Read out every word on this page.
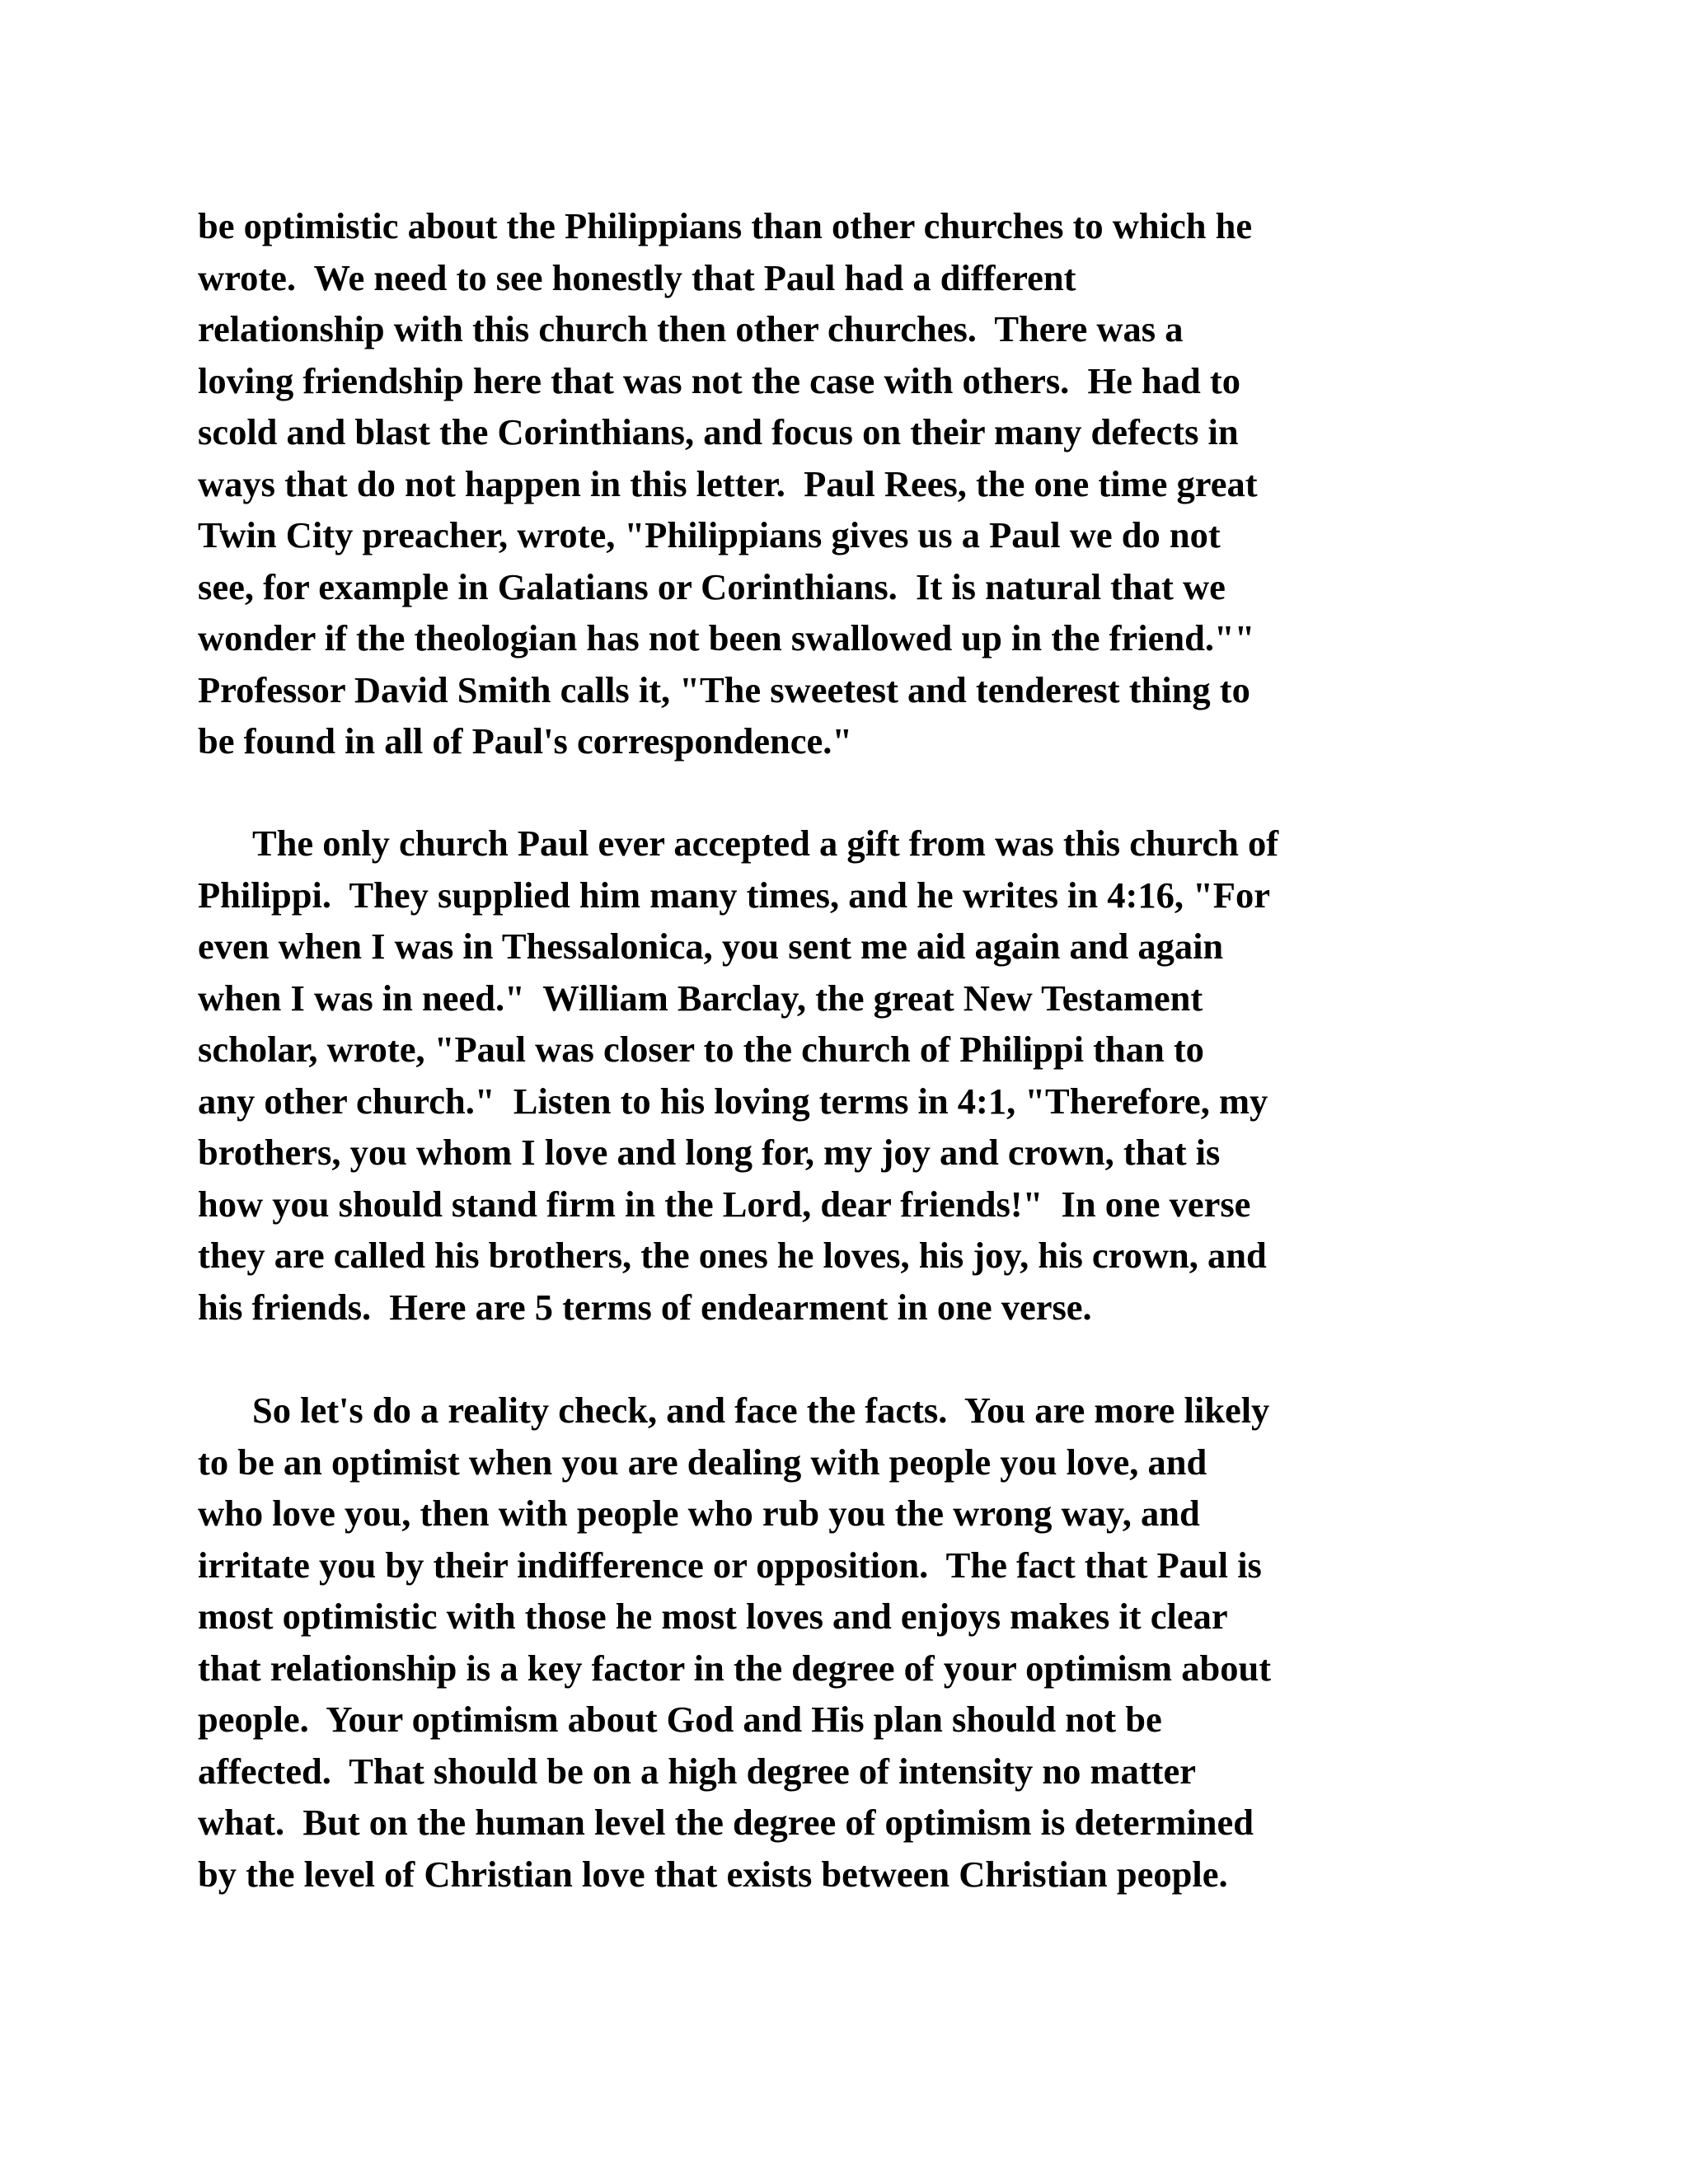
be optimistic about the Philippians than other churches to which he

wrote.  We need to see honestly that Paul had a different

relationship with this church then other churches.  There was a

loving friendship here that was not the case with others.  He had to

scold and blast the Corinthians, and focus on their many defects in

ways that do not happen in this letter.  Paul Rees, the one time great

Twin City preacher, wrote, "Philippians gives us a Paul we do not

see, for example in Galatians or Corinthians.  It is natural that we

wonder if the theologian has not been swallowed up in the friend.""

Professor David Smith calls it, "The sweetest and tenderest thing to

be found in all of Paul's correspondence."

The only church Paul ever accepted a gift from was this church of

Philippi.  They supplied him many times, and he writes in 4:16, "For

even when I was in Thessalonica, you sent me aid again and again

when I was in need."  William Barclay, the great New Testament

scholar, wrote, "Paul was closer to the church of Philippi than to

any other church."  Listen to his loving terms in 4:1, "Therefore, my

brothers, you whom I love and long for, my joy and crown, that is

how you should stand firm in the Lord, dear friends!"  In one verse

they are called his brothers, the ones he loves, his joy, his crown, and

his friends.  Here are 5 terms of endearment in one verse.

So let's do a reality check, and face the facts.  You are more likely

to be an optimist when you are dealing with people you love, and

who love you, then with people who rub you the wrong way, and

irritate you by their indifference or opposition.  The fact that Paul is

most optimistic with those he most loves and enjoys makes it clear

that relationship is a key factor in the degree of your optimism about

people.  Your optimism about God and His plan should not be

affected.  That should be on a high degree of intensity no matter

what.  But on the human level the degree of optimism is determined

by the level of Christian love that exists between Christian people.
